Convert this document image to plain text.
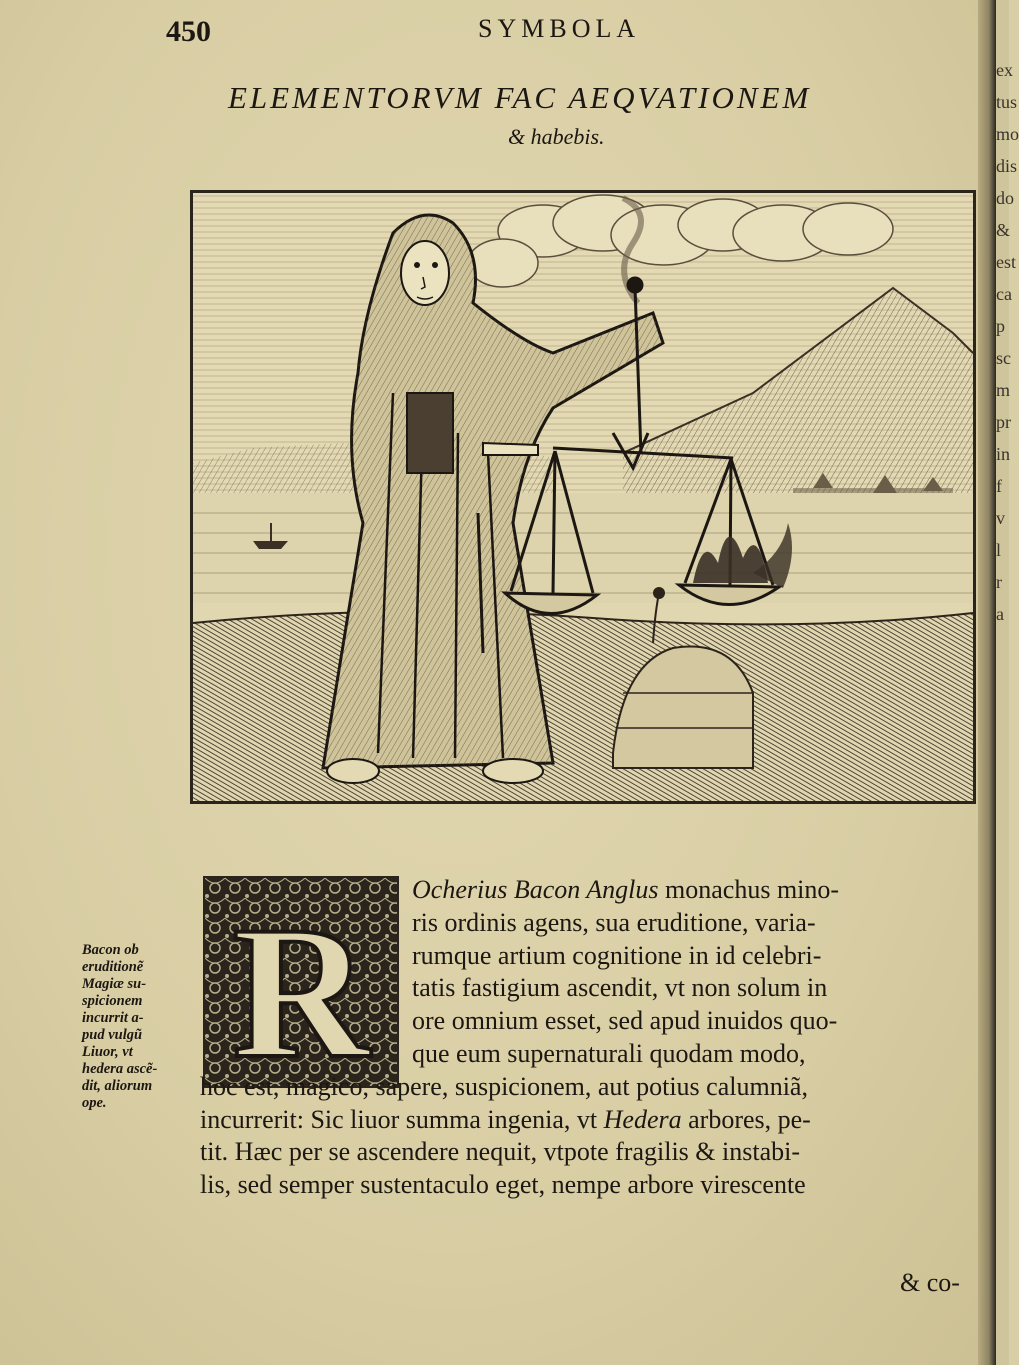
450	SYMBOLA
ELEMENTORVM FAC AEQVATIONEM
& habebis.
R Ocherius Bacon Anglus monachus mino-
ris ordinis agens, sua eruditione, varia-
rumque artium cognitione in id celebri-
tatis fastigium ascendit, vt non solum in
ore omnium esset, sed apud inuidos quo-
que eum supernaturali quodam modo,
hoc est, magico, sapere, suspicionem, aut potius calumniã,
incurrerit: Sic liuor summa ingenia, vt Hedera arbores, pe-
tit. Hæc per se ascendere nequit, vtpote fragilis & instabi-
lis, sed semper sustentaculo eget, nempe arbore virescente
& co-
Bacon ob
eruditionẽ
Magiæ su-
spicionem
incurrit a-
pud vulgũ
Liuor, vt
hedera ascẽ-
dit, aliorum
ope.
ex
tus
mo
dis
do
&
est
ca
p
sc
m
pr
in
f
v
l
r
a
